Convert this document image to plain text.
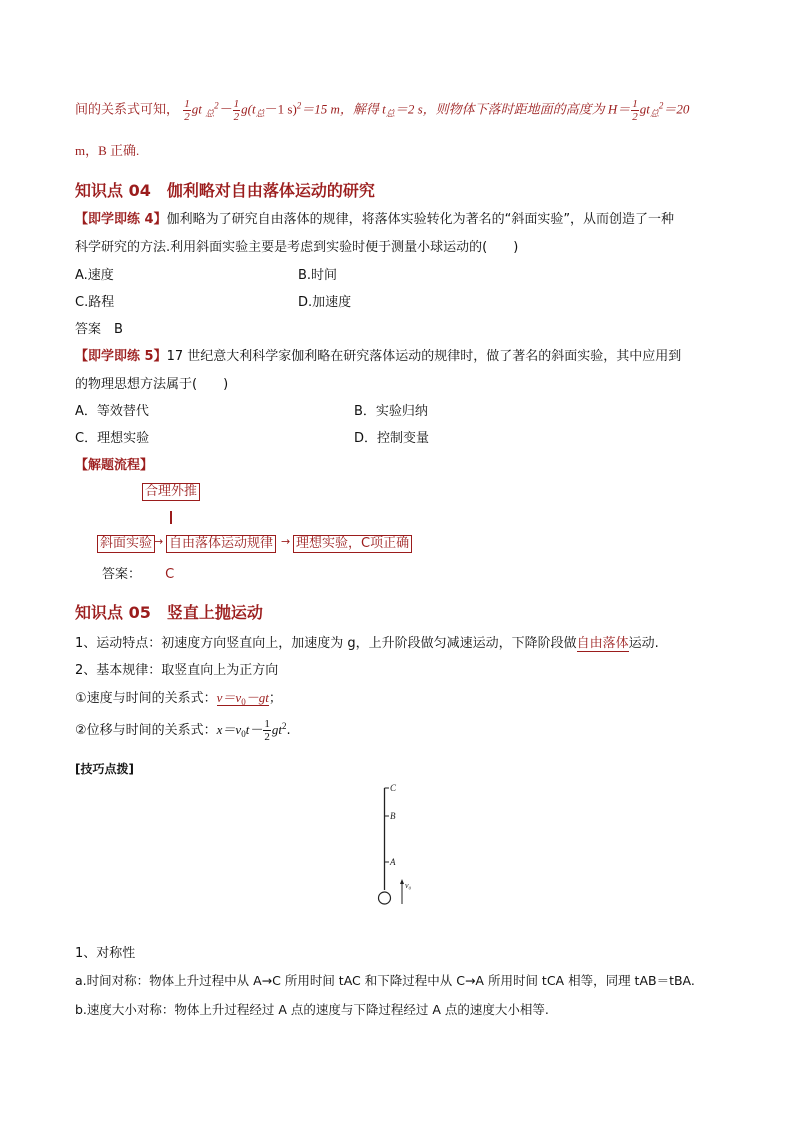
间的关系式可知， $\frac{1}{2}$ gt $_总^2- \frac{1}{2} g(t_总-1$ s)$^2$＝15 m，解得 $t_总=2$ s，则物体下落时距地面的高度为 $H= \frac{1}{2} gt_总^2=20$
m，B 正确.
知识点 04　伽利略对自由落体运动的研究
【即学即练 4】伽利略为了研究自由落体的规律，将落体实验转化为著名的“斜面实验”，从而创造了一种
科学研究的方法.利用斜面实验主要是考虑到实验时便于测量小球运动的(　　)
A.速度	B.时间
C.路程	D.加速度
答案　B
【即学即练 5】17 世纪意大利科学家伽利略在研究落体运动的规律时，做了著名的斜面实验，其中应用到
的物理思想方法属于(　　)
A．等效替代	B．实验归纳
C．理想实验	D．控制变量
【解题流程】
合理外推
斜面实验 → 自由落体运动规律 → 理想实验，C项正确
答案： C
知识点 05　竖直上抛运动
1、运动特点：初速度方向竖直向上，加速度为 g，上升阶段做匀减速运动，下降阶段做自由落体运动.
2、基本规律：取竖直向上为正方向
①速度与时间的关系式：$v=v_0-gt$；
②位移与时间的关系式：$x=v_0t- \frac{1}{2} gt^2$.
[技巧点拨]
C
B
A
v₀
1、对称性
a.时间对称：物体上升过程中从 A→C 所用时间 tAC 和下降过程中从 C→A 所用时间 tCA 相等，同理 tAB＝tBA.
b.速度大小对称：物体上升过程经过 A 点的速度与下降过程经过 A 点的速度大小相等.
